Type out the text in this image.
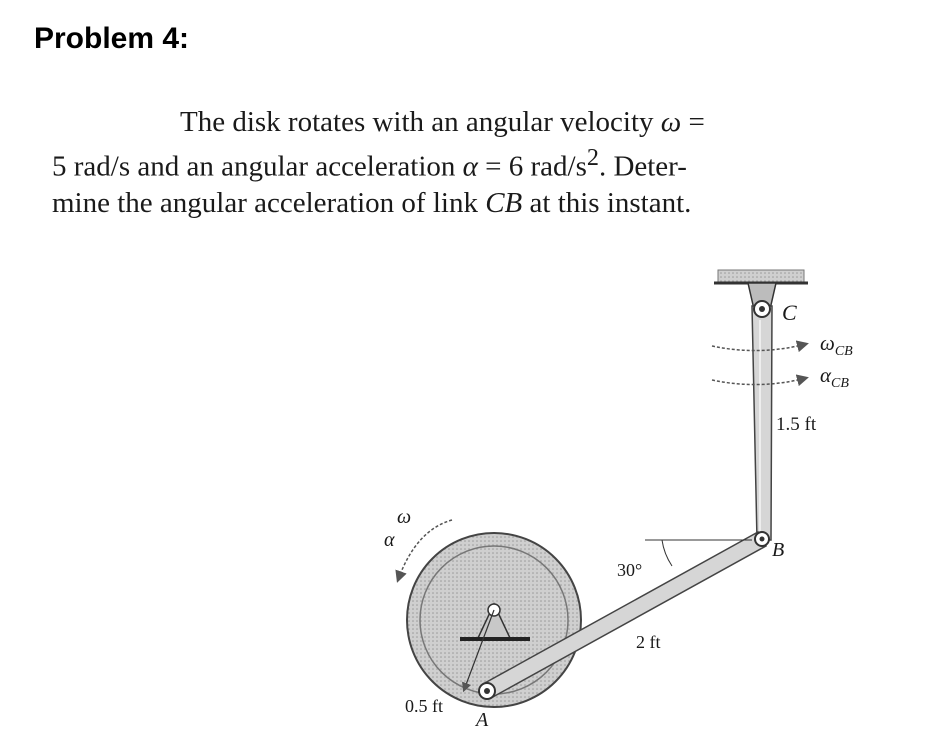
Problem 4:
The disk rotates with an angular velocity ω =
5 rad/s and an angular acceleration α = 6 rad/$s^2$. Deter-
mine the angular acceleration of link CB at this instant.
C
$\omega_{CB}$
$\alpha_{CB}$
1.5 ft
B
30°
2 ft
0.5 ft
A
ω
α
